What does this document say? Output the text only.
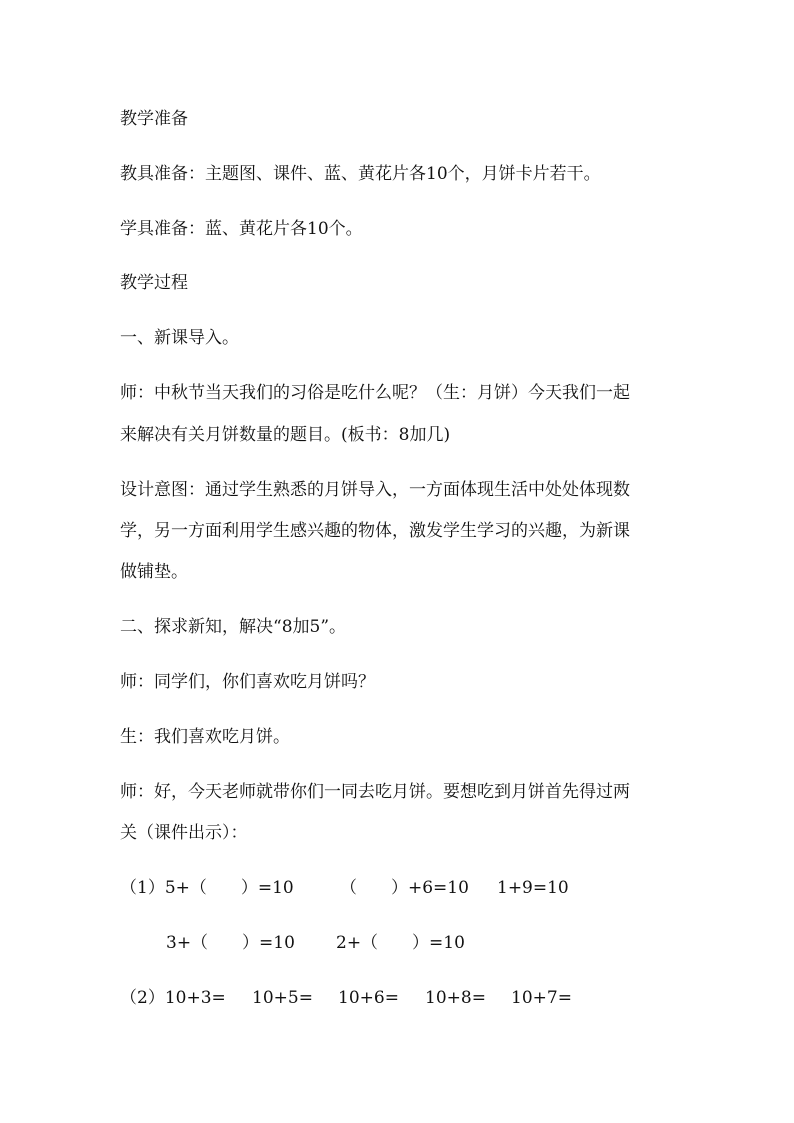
教学准备

教具准备：主题图、课件、蓝、黄花片各10个，月饼卡片若干。

学具准备：蓝、黄花片各10个。

教学过程

一、新课导入。

师：中秋节当天我们的习俗是吃什么呢？（生：月饼）今天我们一起

来解决有关月饼数量的题目。(板书：8加几)

设计意图：通过学生熟悉的月饼导入，一方面体现生活中处处体现数

学，另一方面利用学生感兴趣的物体，激发学生学习的兴趣，为新课

做铺垫。

二、探求新知，解决“8加5”。

师：同学们，你们喜欢吃月饼吗？

生：我们喜欢吃月饼。

师：好，今天老师就带你们一同去吃月饼。要想吃到月饼首先得过两

关（课件出示）：

（1）5+（　　）=10	（　　）+6=10 1+9=10

3+（　　）=10 2+（　　）=10

（2）10+3= 10+5= 10+6= 10+8= 10+7=
